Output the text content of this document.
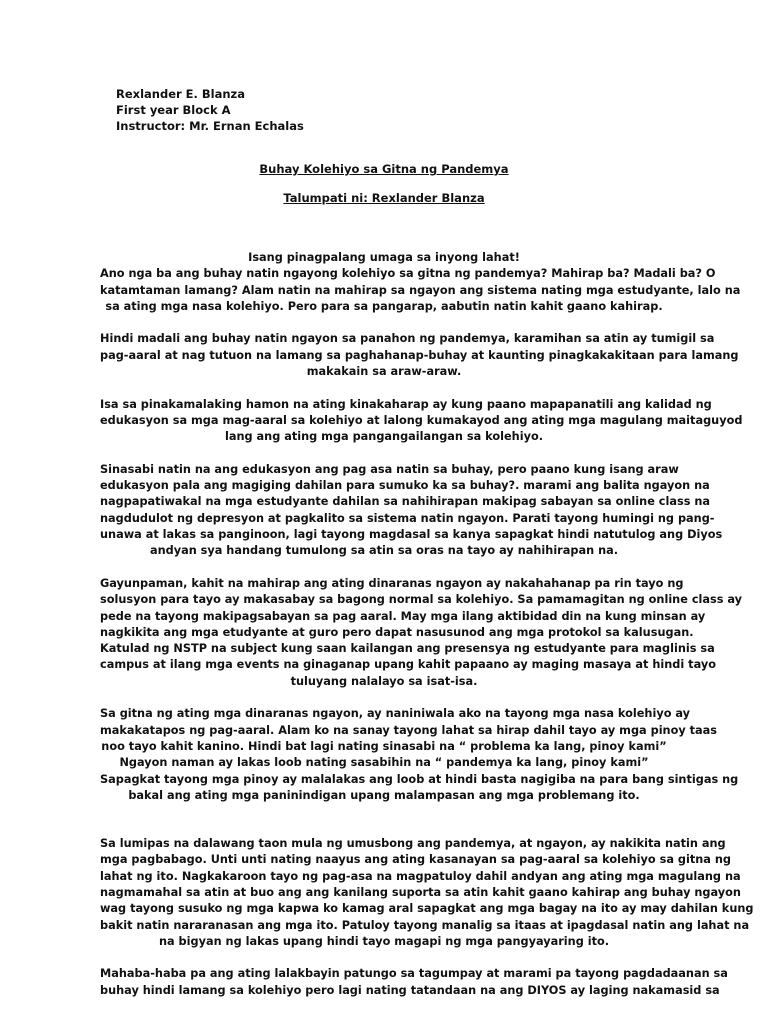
Rexlander E. Blanza
First year Block A
Instructor: Mr. Ernan Echalas
Buhay Kolehiyo sa Gitna ng Pandemya
Talumpati ni: Rexlander Blanza

Isang pinagpalang umaga sa inyong lahat!
Ano nga ba ang buhay natin ngayong kolehiyo sa gitna ng pandemya? Mahirap ba? Madali ba? O
katamtaman lamang? Alam natin na mahirap sa ngayon ang sistema nating mga estudyante, lalo na
sa ating mga nasa kolehiyo. Pero para sa pangarap, aabutin natin kahit gaano kahirap.

Hindi madali ang buhay natin ngayon sa panahon ng pandemya, karamihan sa atin ay tumigil sa
pag-aaral at nag tutuon na lamang sa paghahanap-buhay at kaunting pinagkakakitaan para lamang
makakain sa araw-araw.

Isa sa pinakamalaking hamon na ating kinakaharap ay kung paano mapapanatili ang kalidad ng
edukasyon sa mga mag-aaral sa kolehiyo at lalong kumakayod ang ating mga magulang maitaguyod
lang ang ating mga pangangailangan sa kolehiyo.

Sinasabi natin na ang edukasyon ang pag asa natin sa buhay, pero paano kung isang araw
edukasyon pala ang magiging dahilan para sumuko ka sa buhay?. marami ang balita ngayon na
nagpapatiwakal na mga estudyante dahilan sa nahihirapan makipag sabayan sa online class na
nagdudulot ng depresyon at pagkalito sa sistema natin ngayon. Parati tayong humingi ng pang-
unawa at lakas sa panginoon, lagi tayong magdasal sa kanya sapagkat hindi natutulog ang Diyos
andyan sya handang tumulong sa atin sa oras na tayo ay nahihirapan na.

Gayunpaman, kahit na mahirap ang ating dinaranas ngayon ay nakahahanap pa rin tayo ng
solusyon para tayo ay makasabay sa bagong normal sa kolehiyo. Sa pamamagitan ng online class ay
pede na tayong makipagsabayan sa pag aaral. May mga ilang aktibidad din na kung minsan ay
nagkikita ang mga etudyante at guro pero dapat nasusunod ang mga protokol sa kalusugan.
Katulad ng NSTP na subject kung saan kailangan ang presensya ng estudyante para maglinis sa
campus at ilang mga events na ginaganap upang kahit papaano ay maging masaya at hindi tayo
tuluyang nalalayo sa isat-isa.

Sa gitna ng ating mga dinaranas ngayon, ay naniniwala ako na tayong mga nasa kolehiyo ay
makakatapos ng pag-aaral. Alam ko na sanay tayong lahat sa hirap dahil tayo ay mga pinoy taas
noo tayo kahit kanino. Hindi bat lagi nating sinasabi na “ problema ka lang, pinoy kami”
Ngayon naman ay lakas loob nating sasabihin na “ pandemya ka lang, pinoy kami”
Sapagkat tayong mga pinoy ay malalakas ang loob at hindi basta nagigiba na para bang sintigas ng
bakal ang ating mga paninindigan upang malampasan ang mga problemang ito.

Sa lumipas na dalawang taon mula ng umusbong ang pandemya, at ngayon, ay nakikita natin ang
mga pagbabago. Unti unti nating naayus ang ating kasanayan sa pag-aaral sa kolehiyo sa gitna ng
lahat ng ito. Nagkakaroon tayo ng pag-asa na magpatuloy dahil andyan ang ating mga magulang na
nagmamahal sa atin at buo ang ang kanilang suporta sa atin kahit gaano kahirap ang buhay ngayon
wag tayong susuko ng mga kapwa ko kamag aral sapagkat ang mga bagay na ito ay may dahilan kung
bakit natin nararanasan ang mga ito. Patuloy tayong manalig sa itaas at ipagdasal natin ang lahat na
na bigyan ng lakas upang hindi tayo magapi ng mga pangyayaring ito.

Mahaba-haba pa ang ating lalakbayin patungo sa tagumpay at marami pa tayong pagdadaanan sa
buhay hindi lamang sa kolehiyo pero lagi nating tatandaan na ang DIYOS ay laging nakamasid sa
